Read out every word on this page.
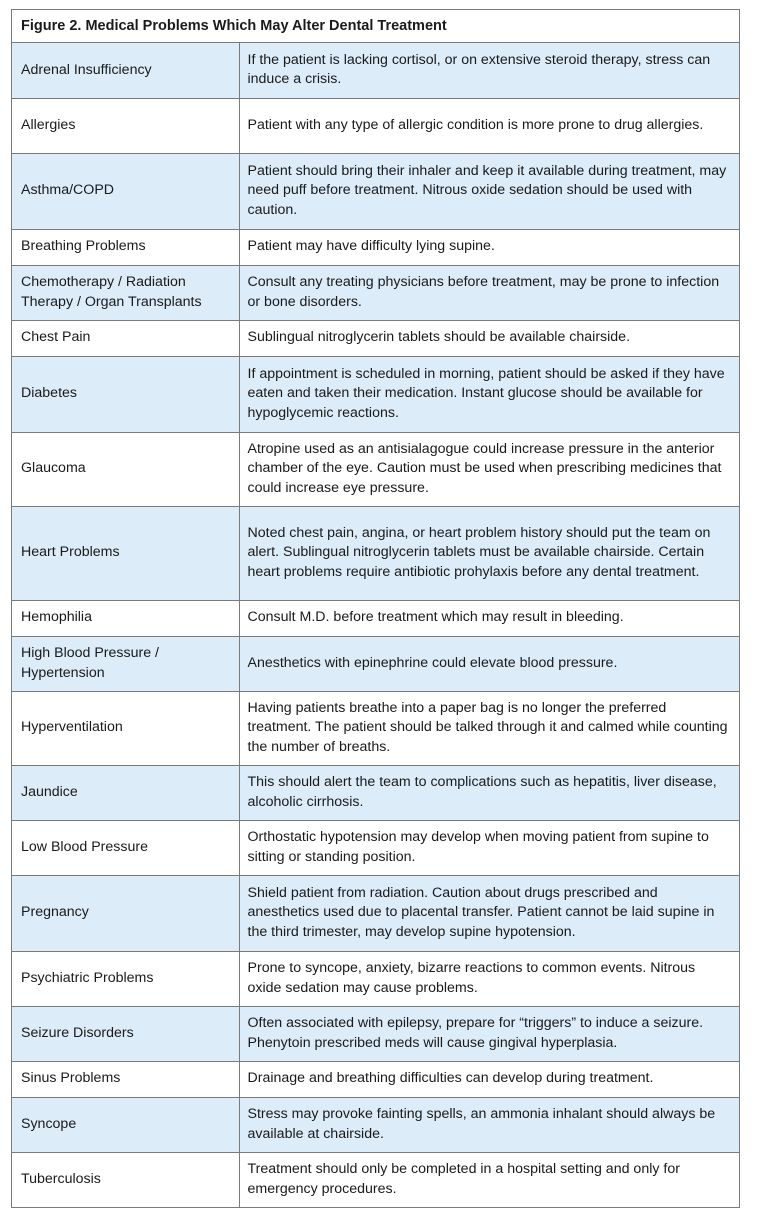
Figure 2. Medical Problems Which May Alter Dental Treatment
Adrenal Insufficiency	If the patient is lacking cortisol, or on extensive steroid therapy, stress can induce a crisis.
Allergies	Patient with any type of allergic condition is more prone to drug allergies.
Asthma/COPD	Patient should bring their inhaler and keep it available during treatment, may need puff before treatment. Nitrous oxide sedation should be used with caution.
Breathing Problems	Patient may have difficulty lying supine.
Chemotherapy / Radiation Therapy / Organ Transplants	Consult any treating physicians before treatment, may be prone to infection or bone disorders.
Chest Pain	Sublingual nitroglycerin tablets should be available chairside.
Diabetes	If appointment is scheduled in morning, patient should be asked if they have eaten and taken their medication. Instant glucose should be available for hypoglycemic reactions.
Glaucoma	Atropine used as an antisialagogue could increase pressure in the anterior chamber of the eye. Caution must be used when prescribing medicines that could increase eye pressure.
Heart Problems	Noted chest pain, angina, or heart problem history should put the team on alert. Sublingual nitroglycerin tablets must be available chairside. Certain heart problems require antibiotic prohylaxis before any dental treatment.
Hemophilia	Consult M.D. before treatment which may result in bleeding.
High Blood Pressure / Hypertension	Anesthetics with epinephrine could elevate blood pressure.
Hyperventilation	Having patients breathe into a paper bag is no longer the preferred treatment. The patient should be talked through it and calmed while counting the number of breaths.
Jaundice	This should alert the team to complications such as hepatitis, liver disease, alcoholic cirrhosis.
Low Blood Pressure	Orthostatic hypotension may develop when moving patient from supine to sitting or standing position.
Pregnancy	Shield patient from radiation. Caution about drugs prescribed and anesthetics used due to placental transfer. Patient cannot be laid supine in the third trimester, may develop supine hypotension.
Psychiatric Problems	Prone to syncope, anxiety, bizarre reactions to common events. Nitrous oxide sedation may cause problems.
Seizure Disorders	Often associated with epilepsy, prepare for “triggers” to induce a seizure. Phenytoin prescribed meds will cause gingival hyperplasia.
Sinus Problems	Drainage and breathing difficulties can develop during treatment.
Syncope	Stress may provoke fainting spells, an ammonia inhalant should always be available at chairside.
Tuberculosis	Treatment should only be completed in a hospital setting and only for emergency procedures.
